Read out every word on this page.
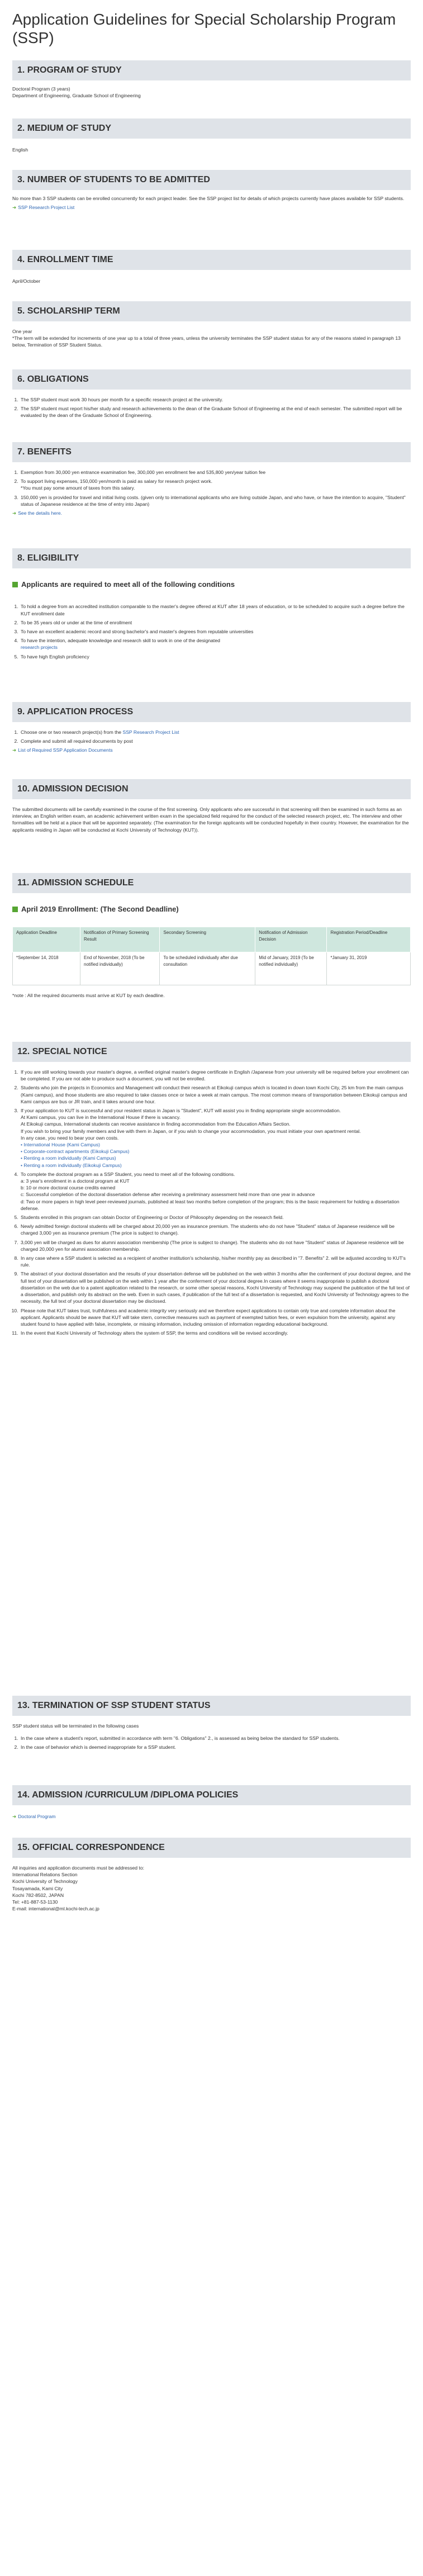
Application Guidelines for Special Scholarship Program (SSP)
1. PROGRAM OF STUDY

Doctoral Program (3 years)

Department of Engineering, Graduate School of Engineering

2. MEDIUM OF STUDY

English

3. NUMBER OF STUDENTS TO BE ADMITTED

No more than 3 SSP students can be enrolled concurrently for each project leader. See the SSP project list for details of which projects currently have places available for SSP students.

➜ SSP Research Project List
4. ENROLLMENT TIME

April/October

5. SCHOLARSHIP TERM

One year

*The term will be extended for increments of one year up to a total of three years, unless the university terminates the SSP student status for any of the reasons stated in paragraph 13 below, Termination of SSP Student Status.

6. OBLIGATIONS
1. The SSP student must work 30 hours per month for a specific research project at the university.
2. The SSP student must report his/her study and research achievements to the dean of the Graduate School of Engineering at the end of each semester. The submitted report will be evaluated by the dean of the Graduate School of Engineering.
7. BENEFITS
1. Exemption from 30,000 yen entrance examination fee, 300,000 yen enrollment fee and 535,800 yen/year tuition fee
2. To support living expenses, 150,000 yen/month is paid as salary for research project work.
*You must pay some amount of taxes from this salary.
3. 150,000 yen is provided for travel and initial living costs. (given only to international applicants who are living outside Japan, and who have, or have the intention to acquire, "Student" status of Japanese residence at the time of entry into Japan)
➜ See the details here.
8. ELIGIBILITY
Applicants are required to meet all of the following conditions
1. To hold a degree from an accredited institution comparable to the master's degree offered at KUT after 18 years of education, or to be scheduled to acquire such a degree before the KUT enrollment date
2. To be 35 years old or under at the time of enrollment
3. To have an excellent academic record and strong bachelor's and master's degrees from reputable universities
4. To have the intention, adequate knowledge and research skill to work in one of the designated
research projects
5. To have high English proficiency
9. APPLICATION PROCESS
1. Choose one or two research project(s) from the SSP Research Project List
2. Complete and submit all required documents by post
➜ List of Required SSP Application Documents
10. ADMISSION DECISION

The submitted documents will be carefully examined in the course of the first screening. Only applicants who are successful in that screening will then be examined in such forms as an interview, an English written exam, an academic achievement written exam in the specialized field required for the conduct of the selected research project, etc. The interview and other formalities will be held at a place that will be appointed separately. (The examination for the foreign applicants will be conducted hopefully in their country. However, the examination for the applicants residing in Japan will be conducted at Kochi University of Technology (KUT)).

11. ADMISSION SCHEDULE
April 2019 Enrollment: (The Second Deadline)
Application Deadline	Notification of Primary Screening Result	Secondary Screening	Notification of Admission Decision	Registration Period/Deadline
*September 14, 2018	End of November, 2018 (To be notified individually)	To be scheduled individually after due consultation	Mid of January, 2019 (To be notified individually)	*January 31, 2019

*note : All the required documents must arrive at KUT by each deadline.

12. SPECIAL NOTICE
1. If you are still working towards your master's degree, a verified original master's degree certificate in English /Japanese from your university will be required before your enrollment can be completed. If you are not able to produce such a document, you will not be enrolled.
2. Students who join the projects in Economics and Management will conduct their research at Eikokuji campus which is located in down town Kochi City, 25 km from the main campus (Kami campus), and those students are also required to take classes once or twice a week at main campus. The most common means of transportation between Eikokuji campus and Kami campus are bus or JR train, and it takes around one hour.
3. If your application to KUT is successful and your resident status in Japan is "Student", KUT will assist you in finding appropriate single accommodation.
At Kami campus, you can live in the International House if there is vacancy.
At Eikokuji campus, International students can receive assistance in finding accommodation from the Education Affairs Section.
If you wish to bring your family members and live with them in Japan, or if you wish to change your accommodation, you must initiate your own apartment rental.
In any case, you need to bear your own costs.
• International House (Kami Campus)
• Corporate-contract apartments (Eikokuji Campus)
• Renting a room individually (Kami Campus)
• Renting a room individually (Eikokuji Campus)
4. To complete the doctoral program as a SSP Student, you need to meet all of the following conditions.
a: 3 year's enrollment in a doctoral program at KUT
b: 10 or more doctoral course credits earned
c: Successful completion of the doctoral dissertation defense after receiving a preliminary assessment held more than one year in advance
d: Two or more papers in high level peer-reviewed journals, published at least two months before completion of the program; this is the basic requirement for holding a dissertation defense.
5. Students enrolled in this program can obtain Doctor of Engineering or Doctor of Philosophy depending on the research field.
6. Newly admitted foreign doctoral students will be charged about 20,000 yen as insurance premium. The students who do not have "Student" status of Japanese residence will be charged 3,000 yen as insurance premium (The price is subject to change).
7. 3,000 yen will be charged as dues for alumni association membership (The price is subject to change). The students who do not have "Student" status of Japanese residence will be charged 20,000 yen for alumni association membership.
8. In any case where a SSP student is selected as a recipient of another institution's scholarship, his/her monthly pay as described in "7. Benefits" 2. will be adjusted according to KUT's rule.
9. The abstract of your doctoral dissertation and the results of your dissertation defense will be published on the web within 3 months after the conferment of your doctoral degree, and the full text of your dissertation will be published on the web within 1 year after the conferment of your doctoral degree.In cases where it seems inappropriate to publish a doctoral dissertation on the web due to a patent application related to the research, or some other special reasons, Kochi University of Technology may suspend the publication of the full text of a dissertation, and publish only its abstract on the web. Even in such cases, if publication of the full text of a dissertation is requested, and Kochi University of Technology agrees to the necessity, the full text of your doctoral dissertation may be disclosed.
10. Please note that KUT takes trust, truthfulness and academic integrity very seriously and we therefore expect applications to contain only true and complete information about the applicant. Applicants should be aware that KUT will take stern, corrective measures such as payment of exempted tuition fees, or even expulsion from the university, against any student found to have applied with false, incomplete, or missing information, including omission of information regarding educational background.
11. In the event that Kochi University of Technology alters the system of SSP, the terms and conditions will be revised accordingly.
13. TERMINATION OF SSP STUDENT STATUS

SSP student status will be terminated in the following cases

1. In the case where a student's report, submitted in accordance with term "6. Obligations" 2., is assessed as being below the standard for SSP students.
2. In the case of behavior which is deemed inappropriate for a SSP student.
14. ADMISSION /CURRICULUM /DIPLOMA POLICIES
➜ Doctoral Program
15. OFFICIAL CORRESPONDENCE

All inquiries and application documents must be addressed to:

International Relations Section

Kochi University of Technology

Tosayamada, Kami City

Kochi 782-8502, JAPAN

Tel: +81-887-53-1130

E-mail: international@ml.kochi-tech.ac.jp
